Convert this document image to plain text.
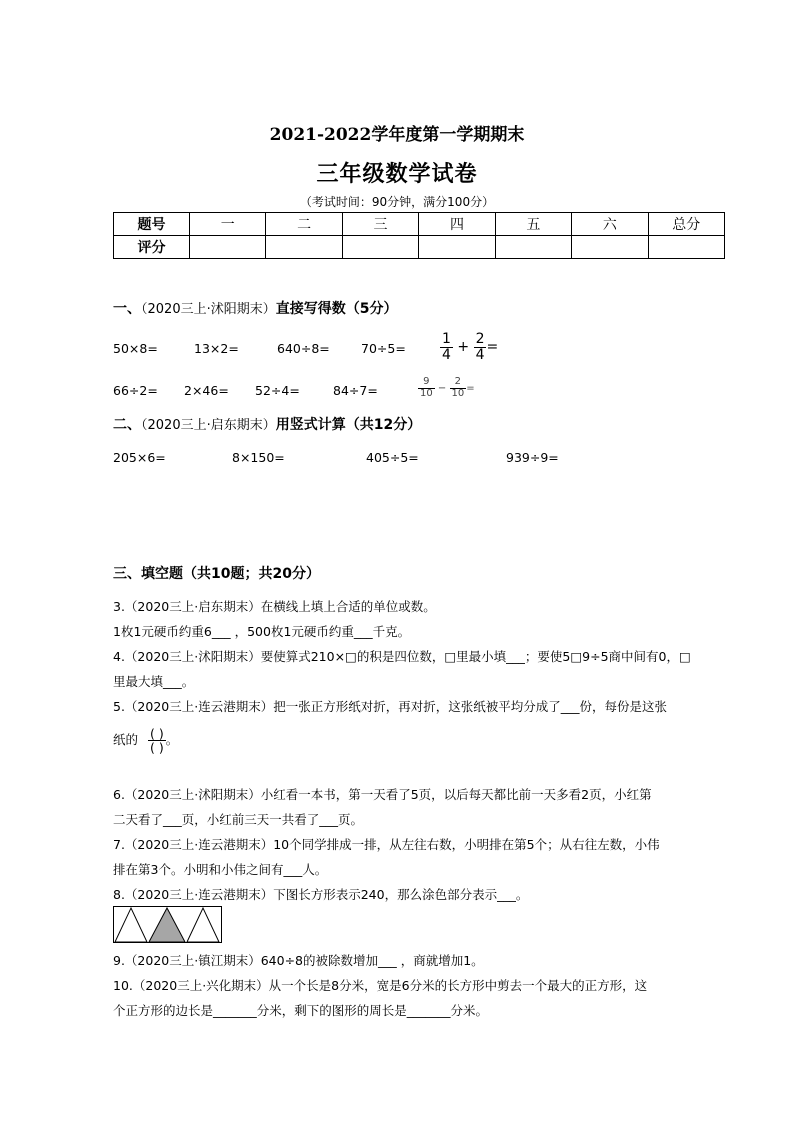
2021-2022学年度第一学期期末
三年级数学试卷
（考试时间：90分钟，满分100分）
题号	一	二	三	四	五	六	总分
评分							
一、（2020三上·沭阳期末）直接写得数（5分）
50×8=	13×2=	$640\div 8= 70\div 5= \frac{1}{4} + \frac{2}{4}$ =
66÷2= 2×46= 52÷4=	84÷7=	$\frac{9}{10} - \frac{2}{10}$ =
二、（2020三上·启东期末）用竖式计算（共12分）
205×6=	8×150=	405÷5=	939÷9=
三、填空题（共10题；共20分）
3.（2020三上·启东期末）在横线上填上合适的单位或数。
1枚1元硬币约重6___ ，500枚1元硬币约重___千克。
4.（2020三上·沭阳期末）要使算式210×□的积是四位数，□里最小填___；要使5□9÷5商中间有0，□
里最大填___。
5.（2020三上·连云港期末）把一张正方形纸对折，再对折，这张纸被平均分成了___份，每份是这张
纸的 $\frac{( )}{( )}$ 。
6.（2020三上·沭阳期末）小红看一本书，第一天看了5页，以后每天都比前一天多看2页，小红第
二天看了___页，小红前三天一共看了___页。
7.（2020三上·连云港期末）10个同学排成一排，从左往右数，小明排在第5个；从右往左数，小伟
排在第3个。小明和小伟之间有___人。
8.（2020三上·连云港期末）下图长方形表示240，那么涂色部分表示___。
9.（2020三上·镇江期末）640÷8的被除数增加___ ，商就增加1。
10.（2020三上·兴化期末）从一个长是8分米，宽是6分米的长方形中剪去一个最大的正方形，这
个正方形的边长是_______分米，剩下的图形的周长是_______分米。
